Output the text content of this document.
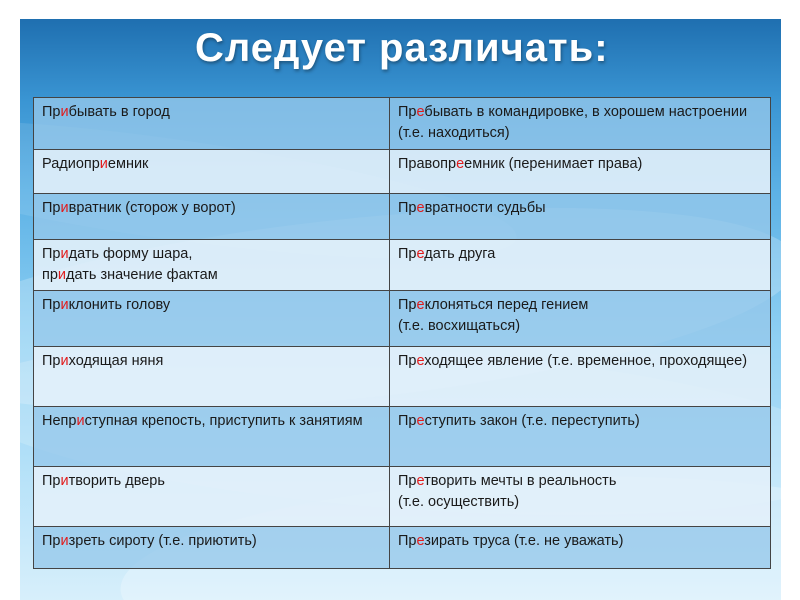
Следует различать:
Прибывать в город	Пребывать в командировке, в хорошем настроении (т.е. находиться)

Радиоприемник	Правопреемник (перенимает права)

Привратник (сторож у ворот)	Превратности судьбы

Придать форму шара,
придать значение фактам	Предать друга

Приклонить голову	Преклоняться перед гением
(т.е. восхищаться)

Приходящая няня	Преходящее явление (т.е. временное, проходящее)

Неприступная крепость, приступить к занятиям	Преступить закон (т.е. переступить)

Притворить дверь	Претворить мечты в реальность
(т.е. осуществить)

Призреть сироту (т.е. приютить)	Презирать труса (т.е. не уважать)
